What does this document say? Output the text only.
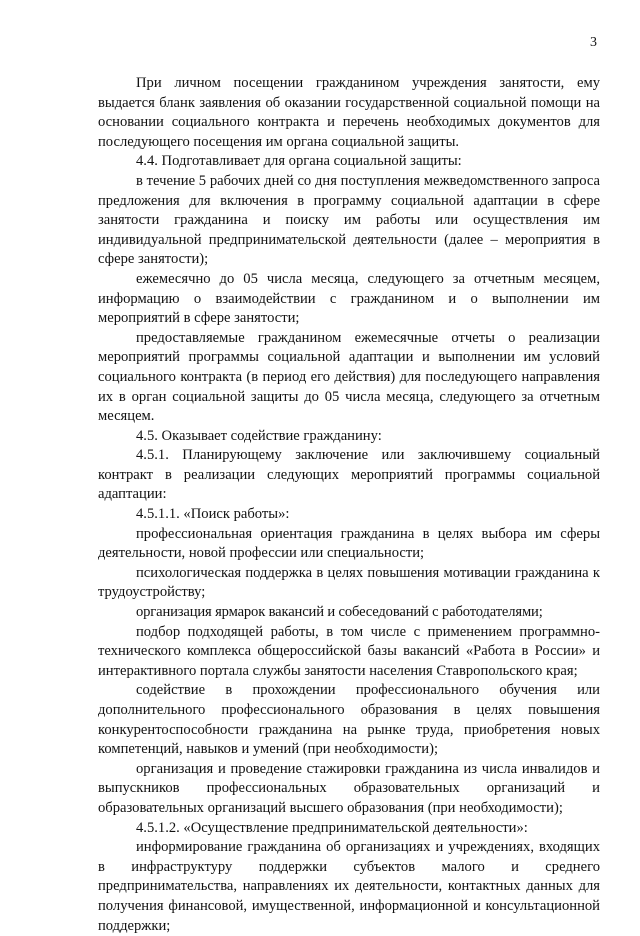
3

При личном посещении гражданином учреждения занятости, ему выдается бланк заявления об оказании государственной социальной помощи на основании социального контракта и перечень необходимых документов для последующего посещения им органа социальной защиты.

4.4. Подготавливает для органа социальной защиты:

в течение 5 рабочих дней со дня поступления межведомственного запроса предложения для включения в программу социальной адаптации в сфере занятости гражданина и поиску им работы или осуществления им индивидуальной предпринимательской деятельности (далее – мероприятия в сфере занятости);

ежемесячно до 05 числа месяца, следующего за отчетным месяцем, информацию о взаимодействии с гражданином и о выполнении им мероприятий в сфере занятости;

предоставляемые гражданином ежемесячные отчеты о реализации мероприятий программы социальной адаптации и выполнении им условий социального контракта (в период его действия) для последующего направления их в орган социальной защиты до 05 числа месяца, следующего за отчетным месяцем.

4.5. Оказывает содействие гражданину:

4.5.1. Планирующему заключение или заключившему социальный контракт в реализации следующих мероприятий программы социальной адаптации:

4.5.1.1. «Поиск работы»:

профессиональная ориентация гражданина в целях выбора им сферы деятельности, новой профессии или специальности;

психологическая поддержка в целях повышения мотивации гражданина к трудоустройству;

организация ярмарок вакансий и собеседований с работодателями;

подбор подходящей работы, в том числе с применением программно-технического комплекса общероссийской базы вакансий «Работа в России» и интерактивного портала службы занятости населения Ставропольского края;

содействие в прохождении профессионального обучения или дополнительного профессионального образования в целях повышения конкурентоспособности гражданина на рынке труда, приобретения новых компетенций, навыков и умений (при необходимости);

организация и проведение стажировки гражданина из числа инвалидов и выпускников профессиональных образовательных организаций и образовательных организаций высшего образования (при необходимости);

4.5.1.2. «Осуществление предпринимательской деятельности»:

информирование гражданина об организациях и учреждениях, входящих в инфраструктуру поддержки субъектов малого и среднего предпринимательства, направлениях их деятельности, контактных данных для получения финансовой, имущественной, информационной и консультационной поддержки;
